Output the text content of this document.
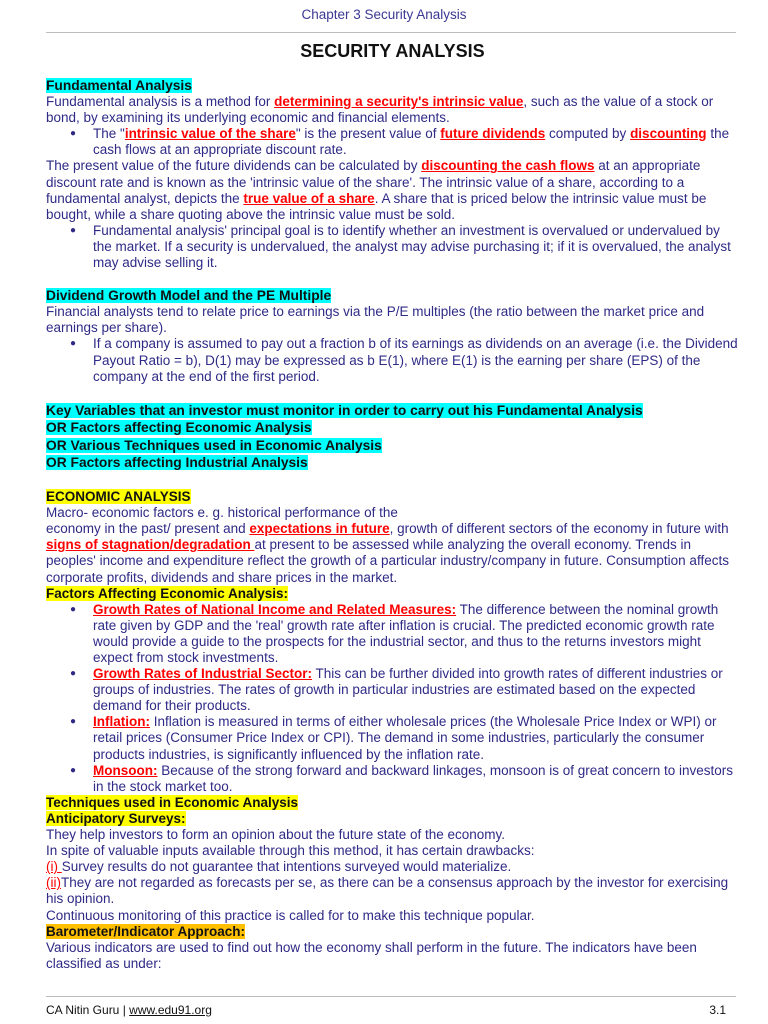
Chapter 3 Security Analysis
SECURITY ANALYSIS

Fundamental Analysis

Fundamental analysis is a method for determining a security's intrinsic value, such as the value of a stock or bond, by examining its underlying economic and financial elements.

● The "intrinsic value of the share" is the present value of future dividends computed by discounting the cash flows at an appropriate discount rate.

The present value of the future dividends can be calculated by discounting the cash flows at an appropriate discount rate and is known as the 'intrinsic value of the share'. The intrinsic value of a share, according to a fundamental analyst, depicts the true value of a share. A share that is priced below the intrinsic value must be bought, while a share quoting above the intrinsic value must be sold.

● Fundamental analysis' principal goal is to identify whether an investment is overvalued or undervalued by the market. If a security is undervalued, the analyst may advise purchasing it; if it is overvalued, the analyst may advise selling it.

Dividend Growth Model and the PE Multiple

Financial analysts tend to relate price to earnings via the P/E multiples (the ratio between the market price and earnings per share).

● If a company is assumed to pay out a fraction b of its earnings as dividends on an average (i.e. the Dividend Payout Ratio = b), D(1) may be expressed as b E(1), where E(1) is the earning per share (EPS) of the company at the end of the first period.

Key Variables that an investor must monitor in order to carry out his Fundamental Analysis

OR Factors affecting Economic Analysis

OR Various Techniques used in Economic Analysis

OR Factors affecting Industrial Analysis

ECONOMIC ANALYSIS

Macro- economic factors e. g. historical performance of the

economy in the past/ present and expectations in future, growth of different sectors of the economy in future with signs of stagnation/degradation at present to be assessed while analyzing the overall economy. Trends in peoples' income and expenditure reflect the growth of a particular industry/company in future. Consumption affects corporate profits, dividends and share prices in the market.

Factors Affecting Economic Analysis:

● Growth Rates of National Income and Related Measures: The difference between the nominal growth rate given by GDP and the 'real' growth rate after inflation is crucial. The predicted economic growth rate would provide a guide to the prospects for the industrial sector, and thus to the returns investors might expect from stock investments.
● Growth Rates of Industrial Sector: This can be further divided into growth rates of different industries or groups of industries. The rates of growth in particular industries are estimated based on the expected demand for their products.
● Inflation: Inflation is measured in terms of either wholesale prices (the Wholesale Price Index or WPI) or retail prices (Consumer Price Index or CPI). The demand in some industries, particularly the consumer products industries, is significantly influenced by the inflation rate.
● Monsoon: Because of the strong forward and backward linkages, monsoon is of great concern to investors in the stock market too.

Techniques used in Economic Analysis

Anticipatory Surveys:

They help investors to form an opinion about the future state of the economy.

In spite of valuable inputs available through this method, it has certain drawbacks:

(i) Survey results do not guarantee that intentions surveyed would materialize.

(ii)They are not regarded as forecasts per se, as there can be a consensus approach by the investor for exercising his opinion.

Continuous monitoring of this practice is called for to make this technique popular.

Barometer/Indicator Approach:

Various indicators are used to find out how the economy shall perform in the future. The indicators have been classified as under:

CA Nitin Guru | www.edu91.org	3.1
